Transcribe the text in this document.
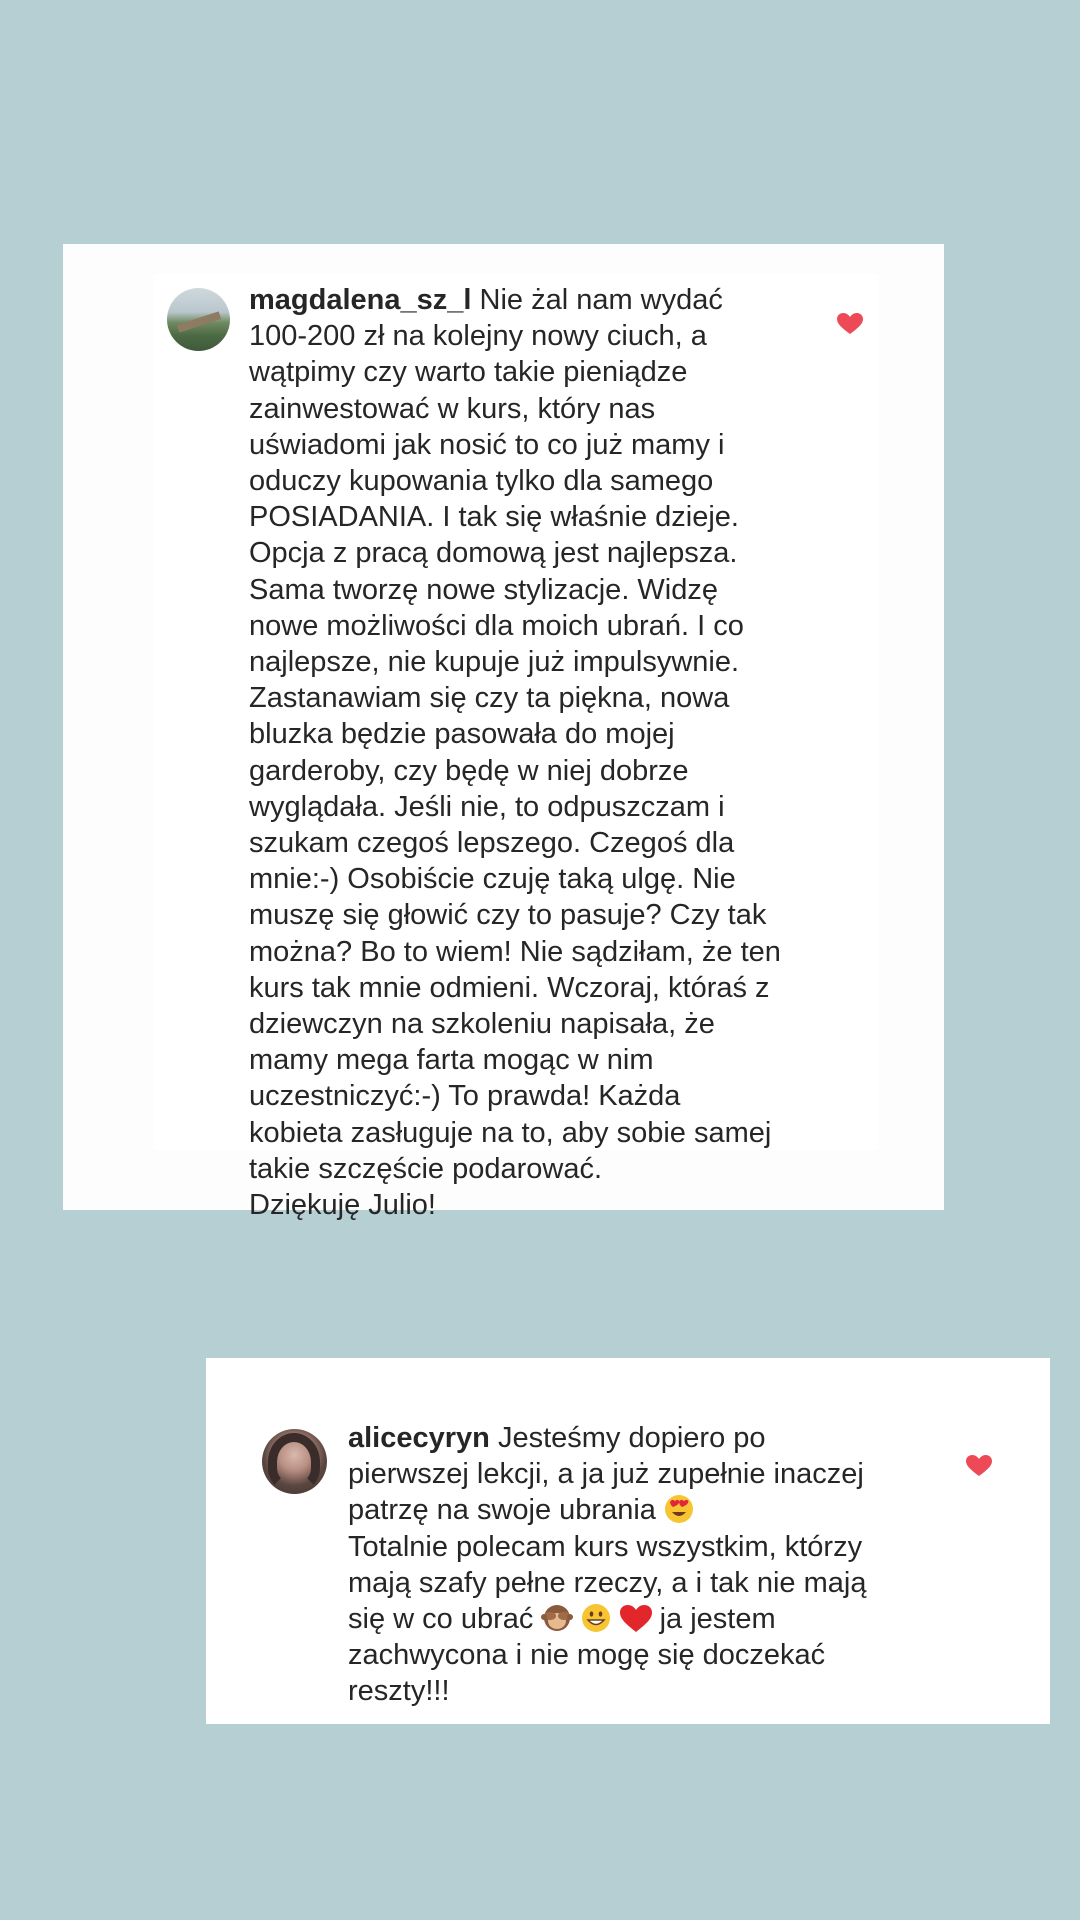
magdalena_sz_l Nie żal nam wydać
100-200 zł na kolejny nowy ciuch, a
wątpimy czy warto takie pieniądze
zainwestować w kurs, który nas
uświadomi jak nosić to co już mamy i
oduczy kupowania tylko dla samego
POSIADANIA. I tak się właśnie dzieje.
Opcja z pracą domową jest najlepsza.
Sama tworzę nowe stylizacje. Widzę
nowe możliwości dla moich ubrań. I co
najlepsze, nie kupuje już impulsywnie.
Zastanawiam się czy ta piękna, nowa
bluzka będzie pasowała do mojej
garderoby, czy będę w niej dobrze
wyglądała. Jeśli nie, to odpuszczam i
szukam czegoś lepszego. Czegoś dla
mnie:-) Osobiście czuję taką ulgę. Nie
muszę się głowić czy to pasuje? Czy tak
można? Bo to wiem! Nie sądziłam, że ten
kurs tak mnie odmieni. Wczoraj, któraś z
dziewczyn na szkoleniu napisała, że
mamy mega farta mogąc w nim
uczestniczyć:-) To prawda! Każda
kobieta zasługuje na to, aby sobie samej
takie szczęście podarować.
Dziękuję Julio!

alicecyryn Jesteśmy dopiero po
pierwszej lekcji, a ja już zupełnie inaczej
patrzę na swoje ubrania

Totalnie polecam kurs wszystkim, którzy
mają szafy pełne rzeczy, a i tak nie mają
się w co ubrać

	ja jestem
zachwycona i nie mogę się doczekać
reszty!!!
